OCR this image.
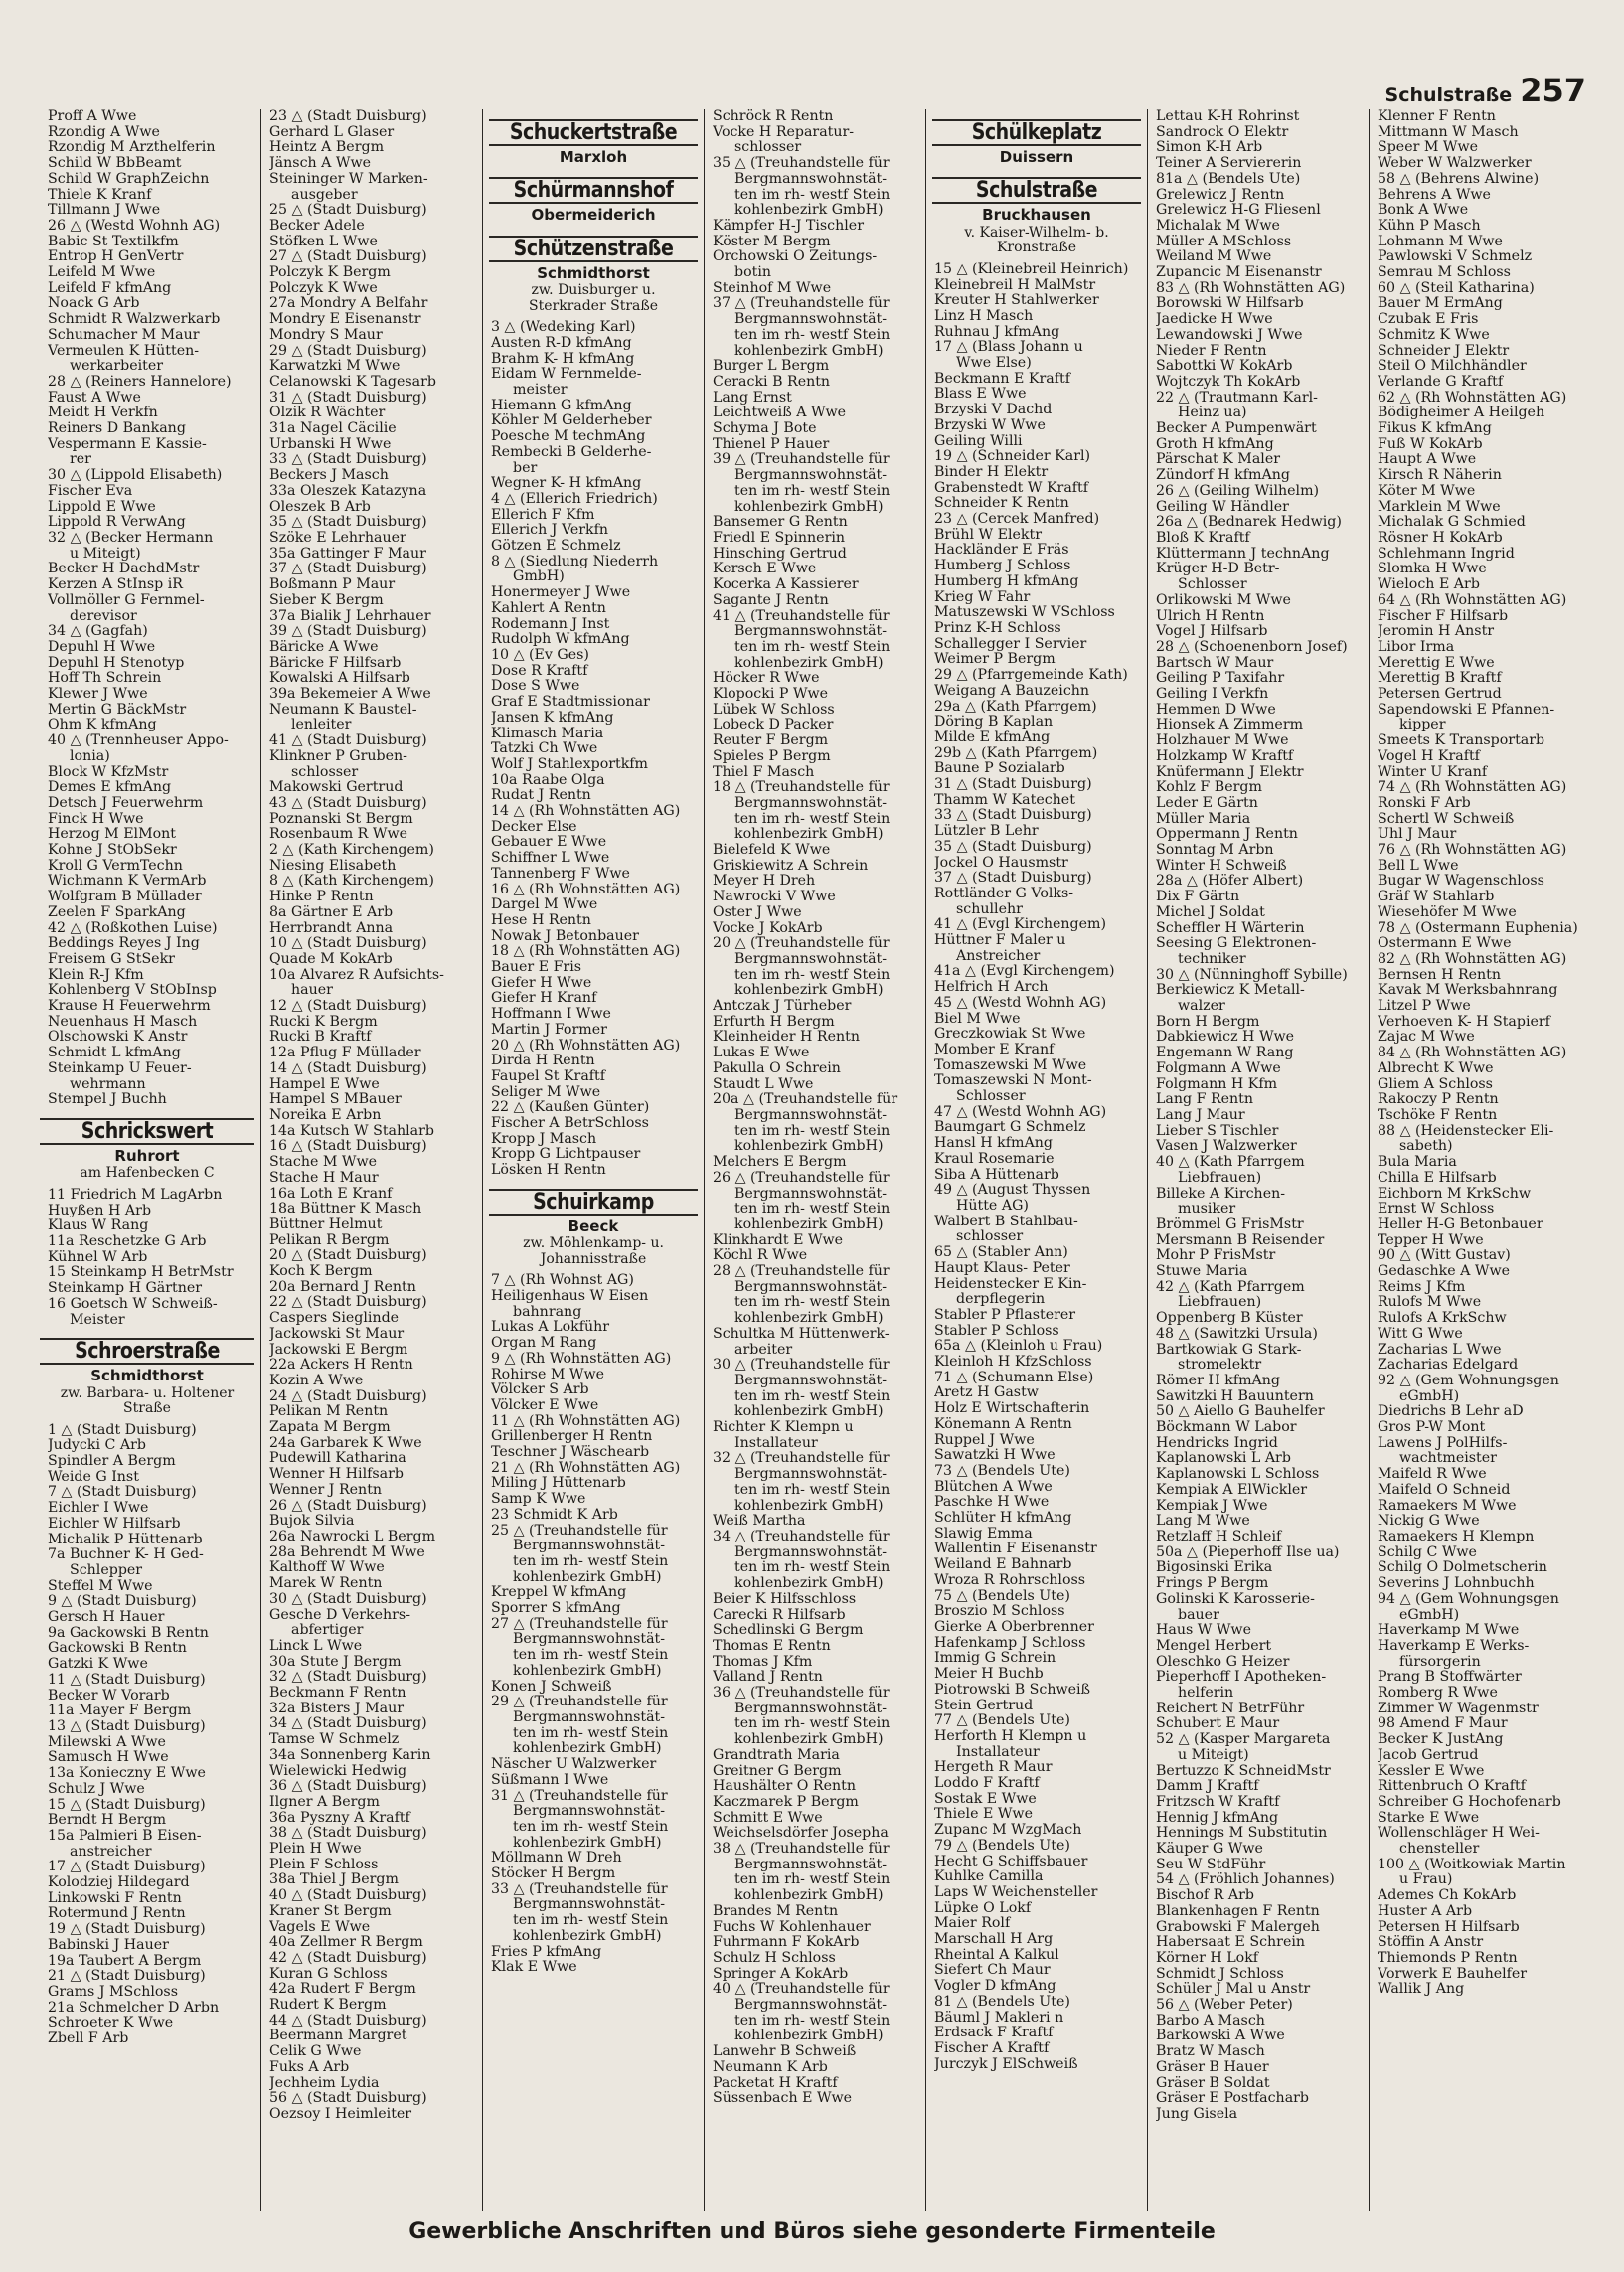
Schulstraße 257
Proff A Wwe
Rzondig A Wwe
Rzondig M Arzthelferin
Schild W BbBeamt
Schild W GraphZeichn
Thiele K Kranf
Tillmann J Wwe
26 △ (Westd Wohnh AG)
Babic St Textilkfm
Entrop H GenVertr
Leifeld M Wwe
Leifeld F kfmAng
Noack G Arb
Schmidt R Walzwerkarb
Schumacher M Maur
Vermeulen K Hütten-
werkarbeiter
28 △ (Reiners Hannelore)
Faust A Wwe
Meidt H Verkfn
Reiners D Bankang
Vespermann E Kassie-
rer
30 △ (Lippold Elisabeth)
Fischer Eva
Lippold E Wwe
Lippold R VerwAng
32 △ (Becker Hermann
u Miteigt)
Becker H DachdMstr
Kerzen A StInsp iR
Vollmöller G Fernmel-
derevisor
34 △ (Gagfah)
Depuhl H Wwe
Depuhl H Stenotyp
Hoff Th Schrein
Klewer J Wwe
Mertin G BäckMstr
Ohm K kfmAng
40 △ (Trennheuser Appo-
lonia)
Block W KfzMstr
Demes E kfmAng
Detsch J Feuerwehrm
Finck H Wwe
Herzog M ElMont
Kohne J StObSekr
Kroll G VermTechn
Wichmann K VermArb
Wolfgram B Müllader
Zeelen F SparkAng
42 △ (Roßkothen Luise)
Beddings Reyes J Ing
Freisem G StSekr
Klein R-J Kfm
Kohlenberg V StObInsp
Krause H Feuerwehrm
Neuenhaus H Masch
Olschowski K Anstr
Schmidt L kfmAng
Steinkamp U Feuer-
wehrmann
Stempel J Buchh
Schrickswert
Ruhrort
am Hafenbecken C
11 Friedrich M LagArbn
Huyßen H Arb
Klaus W Rang
11a Reschetzke G Arb
Kühnel W Arb
15 Steinkamp H BetrMstr
Steinkamp H Gärtner
16 Goetsch W Schweiß-
Meister
Schroerstraße
Schmidthorst
zw. Barbara- u. Holtener
Straße
1 △ (Stadt Duisburg)
Judycki C Arb
Spindler A Bergm
Weide G Inst
7 △ (Stadt Duisburg)
Eichler I Wwe
Eichler W Hilfsarb
Michalik P Hüttenarb
7a Buchner K- H Ged-
Schlepper
Steffel M Wwe
9 △ (Stadt Duisburg)
Gersch H Hauer
9a Gackowski B Rentn
Gackowski B Rentn
Gatzki K Wwe
11 △ (Stadt Duisburg)
Becker W Vorarb
11a Mayer F Bergm
13 △ (Stadt Duisburg)
Milewski A Wwe
Samusch H Wwe
13a Konieczny E Wwe
Schulz J Wwe
15 △ (Stadt Duisburg)
Berndt H Bergm
15a Palmieri B Eisen-
anstreicher
17 △ (Stadt Duisburg)
Kolodziej Hildegard
Linkowski F Rentn
Rotermund J Rentn
19 △ (Stadt Duisburg)
Babinski J Hauer
19a Taubert A Bergm
21 △ (Stadt Duisburg)
Grams J MSchloss
21a Schmelcher D Arbn
Schroeter K Wwe
Zbell F Arb
23 △ (Stadt Duisburg)
Gerhard L Glaser
Heintz A Bergm
Jänsch A Wwe
Steininger W Marken-
ausgeber
25 △ (Stadt Duisburg)
Becker Adele
Stöfken L Wwe
27 △ (Stadt Duisburg)
Polczyk K Bergm
Polczyk K Wwe
27a Mondry A Belfahr
Mondry E Eisenanstr
Mondry S Maur
29 △ (Stadt Duisburg)
Karwatzki M Wwe
Celanowski K Tagesarb
31 △ (Stadt Duisburg)
Olzik R Wächter
31a Nagel Cäcilie
Urbanski H Wwe
33 △ (Stadt Duisburg)
Beckers J Masch
33a Oleszek Katazyna
Oleszek B Arb
35 △ (Stadt Duisburg)
Szöke E Lehrhauer
35a Gattinger F Maur
37 △ (Stadt Duisburg)
Boßmann P Maur
Sieber K Bergm
37a Bialik J Lehrhauer
39 △ (Stadt Duisburg)
Bäricke A Wwe
Bäricke F Hilfsarb
Kowalski A Hilfsarb
39a Bekemeier A Wwe
Neumann K Baustel-
lenleiter
41 △ (Stadt Duisburg)
Klinkner P Gruben-
schlosser
Makowski Gertrud
43 △ (Stadt Duisburg)
Poznanski St Bergm
Rosenbaum R Wwe
2 △ (Kath Kirchengem)
Niesing Elisabeth
8 △ (Kath Kirchengem)
Hinke P Rentn
8a Gärtner E Arb
Herrbrandt Anna
10 △ (Stadt Duisburg)
Quade M KokArb
10a Alvarez R Aufsichts-
hauer
12 △ (Stadt Duisburg)
Rucki K Bergm
Rucki B Kraftf
12a Pflug F Müllader
14 △ (Stadt Duisburg)
Hampel E Wwe
Hampel S MBauer
Noreika E Arbn
14a Kutsch W Stahlarb
16 △ (Stadt Duisburg)
Stache M Wwe
Stache H Maur
16a Loth E Kranf
18a Büttner K Masch
Büttner Helmut
Pelikan R Bergm
20 △ (Stadt Duisburg)
Koch K Bergm
20a Bernard J Rentn
22 △ (Stadt Duisburg)
Caspers Sieglinde
Jackowski St Maur
Jackowski E Bergm
22a Ackers H Rentn
Kozin A Wwe
24 △ (Stadt Duisburg)
Pelikan M Rentn
Zapata M Bergm
24a Garbarek K Wwe
Pudewill Katharina
Wenner H Hilfsarb
Wenner J Rentn
26 △ (Stadt Duisburg)
Bujok Silvia
26a Nawrocki L Bergm
28a Behrendt M Wwe
Kalthoff W Wwe
Marek W Rentn
30 △ (Stadt Duisburg)
Gesche D Verkehrs-
abfertiger
Linck L Wwe
30a Stute J Bergm
32 △ (Stadt Duisburg)
Beckmann F Rentn
32a Bisters J Maur
34 △ (Stadt Duisburg)
Tamse W Schmelz
34a Sonnenberg Karin
Wielewicki Hedwig
36 △ (Stadt Duisburg)
Ilgner A Bergm
36a Pyszny A Kraftf
38 △ (Stadt Duisburg)
Plein H Wwe
Plein F Schloss
38a Thiel J Bergm
40 △ (Stadt Duisburg)
Kraner St Bergm
Vagels E Wwe
40a Zellmer R Bergm
42 △ (Stadt Duisburg)
Kuran G Schloss
42a Rudert F Bergm
Rudert K Bergm
44 △ (Stadt Duisburg)
Beermann Margret
Celik G Wwe
Fuks A Arb
Jechheim Lydia
56 △ (Stadt Duisburg)
Oezsoy I Heimleiter
Schuckertstraße
Marxloh
Schürmannshof
Obermeiderich
Schützenstraße
Schmidthorst
zw. Duisburger u.
Sterkrader Straße
3 △ (Wedeking Karl)
Austen R-D kfmAng
Brahm K- H kfmAng
Eidam W Fernmelde-
meister
Hiemann G kfmAng
Köhler M Gelderheber
Poesche M techmAng
Rembecki B Gelderhe-
ber
Wegner K- H kfmAng
4 △ (Ellerich Friedrich)
Ellerich F Kfm
Ellerich J Verkfn
Götzen E Schmelz
8 △ (Siedlung Niederrh
GmbH)
Honermeyer J Wwe
Kahlert A Rentn
Rodemann J Inst
Rudolph W kfmAng
10 △ (Ev Ges)
Dose R Kraftf
Dose S Wwe
Graf E Stadtmissionar
Jansen K kfmAng
Klimasch Maria
Tatzki Ch Wwe
Wolf J Stahlexportkfm
10a Raabe Olga
Rudat J Rentn
14 △ (Rh Wohnstätten AG)
Decker Else
Gebauer E Wwe
Schiffner L Wwe
Tannenberg F Wwe
16 △ (Rh Wohnstätten AG)
Dargel M Wwe
Hese H Rentn
Nowak J Betonbauer
18 △ (Rh Wohnstätten AG)
Bauer E Fris
Giefer H Wwe
Giefer H Kranf
Hoffmann I Wwe
Martin J Former
20 △ (Rh Wohnstätten AG)
Dirda H Rentn
Faupel St Kraftf
Seliger M Wwe
22 △ (Kaußen Günter)
Fischer A BetrSchloss
Kropp J Masch
Kropp G Lichtpauser
Lösken H Rentn
Schuirkamp
Beeck
zw. Möhlenkamp- u.
Johannisstraße
7 △ (Rh Wohnst AG)
Heiligenhaus W Eisen
bahnrang
Lukas A Lokführ
Organ M Rang
9 △ (Rh Wohnstätten AG)
Rohirse M Wwe
Völcker S Arb
Völcker E Wwe
11 △ (Rh Wohnstätten AG)
Grillenberger H Rentn
Teschner J Wäschearb
21 △ (Rh Wohnstätten AG)
Miling J Hüttenarb
Samp K Wwe
23 Schmidt K Arb
25 △ (Treuhandstelle für
Bergmannswohnstät-
ten im rh- westf Stein
kohlenbezirk GmbH)
Kreppel W kfmAng
Sporrer S kfmAng
27 △ (Treuhandstelle für
Bergmannswohnstät-
ten im rh- westf Stein
kohlenbezirk GmbH)
Konen J Schweiß
29 △ (Treuhandstelle für
Bergmannswohnstät-
ten im rh- westf Stein
kohlenbezirk GmbH)
Näscher U Walzwerker
Süßmann I Wwe
31 △ (Treuhandstelle für
Bergmannswohnstät-
ten im rh- westf Stein
kohlenbezirk GmbH)
Möllmann W Dreh
Stöcker H Bergm
33 △ (Treuhandstelle für
Bergmannswohnstät-
ten im rh- westf Stein
kohlenbezirk GmbH)
Fries P kfmAng
Klak E Wwe
Schröck R Rentn
Vocke H Reparatur-
schlosser
35 △ (Treuhandstelle für
Bergmannswohnstät-
ten im rh- westf Stein
kohlenbezirk GmbH)
Kämpfer H-J Tischler
Köster M Bergm
Orchowski O Zeitungs-
botin
Steinhof M Wwe
37 △ (Treuhandstelle für
Bergmannswohnstät-
ten im rh- westf Stein
kohlenbezirk GmbH)
Burger L Bergm
Ceracki B Rentn
Lang Ernst
Leichtweiß A Wwe
Schyma J Bote
Thienel P Hauer
39 △ (Treuhandstelle für
Bergmannswohnstät-
ten im rh- westf Stein
kohlenbezirk GmbH)
Bansemer G Rentn
Friedl E Spinnerin
Hinsching Gertrud
Kersch E Wwe
Kocerka A Kassierer
Sagante J Rentn
41 △ (Treuhandstelle für
Bergmannswohnstät-
ten im rh- westf Stein
kohlenbezirk GmbH)
Höcker R Wwe
Klopocki P Wwe
Lübek W Schloss
Lobeck D Packer
Reuter F Bergm
Spieles P Bergm
Thiel F Masch
18 △ (Treuhandstelle für
Bergmannswohnstät-
ten im rh- westf Stein
kohlenbezirk GmbH)
Bielefeld K Wwe
Griskiewitz A Schrein
Meyer H Dreh
Nawrocki V Wwe
Oster J Wwe
Vocke J KokArb
20 △ (Treuhandstelle für
Bergmannswohnstät-
ten im rh- westf Stein
kohlenbezirk GmbH)
Antczak J Türheber
Erfurth H Bergm
Kleinheider H Rentn
Lukas E Wwe
Pakulla O Schrein
Staudt L Wwe
20a △ (Treuhandstelle für
Bergmannswohnstät-
ten im rh- westf Stein
kohlenbezirk GmbH)
Melchers E Bergm
26 △ (Treuhandstelle für
Bergmannswohnstät-
ten im rh- westf Stein
kohlenbezirk GmbH)
Klinkhardt E Wwe
Köchl R Wwe
28 △ (Treuhandstelle für
Bergmannswohnstät-
ten im rh- westf Stein
kohlenbezirk GmbH)
Schultka M Hüttenwerk-
arbeiter
30 △ (Treuhandstelle für
Bergmannswohnstät-
ten im rh- westf Stein
kohlenbezirk GmbH)
Richter K Klempn u
Installateur
32 △ (Treuhandstelle für
Bergmannswohnstät-
ten im rh- westf Stein
kohlenbezirk GmbH)
Weiß Martha
34 △ (Treuhandstelle für
Bergmannswohnstät-
ten im rh- westf Stein
kohlenbezirk GmbH)
Beier K Hilfsschloss
Carecki R Hilfsarb
Schedlinski G Bergm
Thomas E Rentn
Thomas J Kfm
Valland J Rentn
36 △ (Treuhandstelle für
Bergmannswohnstät-
ten im rh- westf Stein
kohlenbezirk GmbH)
Grandtrath Maria
Greitner G Bergm
Haushälter O Rentn
Kaczmarek P Bergm
Schmitt E Wwe
Weichselsdörfer Josepha
38 △ (Treuhandstelle für
Bergmannswohnstät-
ten im rh- westf Stein
kohlenbezirk GmbH)
Brandes M Rentn
Fuchs W Kohlenhauer
Fuhrmann F KokArb
Schulz H Schloss
Springer A KokArb
40 △ (Treuhandstelle für
Bergmannswohnstät-
ten im rh- westf Stein
kohlenbezirk GmbH)
Lanwehr B Schweiß
Neumann K Arb
Packetat H Kraftf
Süssenbach E Wwe
Schülkeplatz
Duissern
Schulstraße
Bruckhausen
v. Kaiser-Wilhelm- b.
Kronstraße
15 △ (Kleinebreil Heinrich)
Kleinebreil H MalMstr
Kreuter H Stahlwerker
Linz H Masch
Ruhnau J kfmAng
17 △ (Blass Johann u
Wwe Else)
Beckmann E Kraftf
Blass E Wwe
Brzyski V Dachd
Brzyski W Wwe
Geiling Willi
19 △ (Schneider Karl)
Binder H Elektr
Grabenstedt W Kraftf
Schneider K Rentn
23 △ (Cercek Manfred)
Brühl W Elektr
Hackländer E Fräs
Humberg J Schloss
Humberg H kfmAng
Krieg W Fahr
Matuszewski W VSchloss
Prinz K-H Schloss
Schallegger I Servier
Weimer P Bergm
29 △ (Pfarrgemeinde Kath)
Weigang A Bauzeichn
29a △ (Kath Pfarrgem)
Döring B Kaplan
Milde E kfmAng
29b △ (Kath Pfarrgem)
Baune P Sozialarb
31 △ (Stadt Duisburg)
Thamm W Katechet
33 △ (Stadt Duisburg)
Lützler B Lehr
35 △ (Stadt Duisburg)
Jockel O Hausmstr
37 △ (Stadt Duisburg)
Rottländer G Volks-
schullehr
41 △ (Evgl Kirchengem)
Hüttner F Maler u
Anstreicher
41a △ (Evgl Kirchengem)
Helfrich H Arch
45 △ (Westd Wohnh AG)
Biel M Wwe
Greczkowiak St Wwe
Momber E Kranf
Tomaszewski M Wwe
Tomaszewski N Mont-
Schlosser
47 △ (Westd Wohnh AG)
Baumgart G Schmelz
Hansl H kfmAng
Kraul Rosemarie
Siba A Hüttenarb
49 △ (August Thyssen
Hütte AG)
Walbert B Stahlbau-
schlosser
65 △ (Stabler Ann)
Haupt Klaus- Peter
Heidenstecker E Kin-
derpflegerin
Stabler P Pflasterer
Stabler P Schloss
65a △ (Kleinloh u Frau)
Kleinloh H KfzSchloss
71 △ (Schumann Else)
Aretz H Gastw
Holz E Wirtschafterin
Könemann A Rentn
Ruppel J Wwe
Sawatzki H Wwe
73 △ (Bendels Ute)
Blütchen A Wwe
Paschke H Wwe
Schlüter H kfmAng
Slawig Emma
Wallentin F Eisenanstr
Weiland E Bahnarb
Wroza R Rohrschloss
75 △ (Bendels Ute)
Broszio M Schloss
Gierke A Oberbrenner
Hafenkamp J Schloss
Immig G Schrein
Meier H Buchb
Piotrowski B Schweiß
Stein Gertrud
77 △ (Bendels Ute)
Herforth H Klempn u
Installateur
Hergeth R Maur
Loddo F Kraftf
Sostak E Wwe
Thiele E Wwe
Zupanc M WzgMach
79 △ (Bendels Ute)
Hecht G Schiffsbauer
Kuhlke Camilla
Laps W Weichensteller
Lüpke O Lokf
Maier Rolf
Marschall H Arg
Rheintal A Kalkul
Siefert Ch Maur
Vogler D kfmAng
81 △ (Bendels Ute)
Bäuml J Makleri n
Erdsack F Kraftf
Fischer A Kraftf
Jurczyk J ElSchweiß
Lettau K-H Rohrinst
Sandrock O Elektr
Simon K-H Arb
Teiner A Serviererin
81a △ (Bendels Ute)
Grelewicz J Rentn
Grelewicz H-G Fliesenl
Michalak M Wwe
Müller A MSchloss
Weiland M Wwe
Zupancic M Eisenanstr
83 △ (Rh Wohnstätten AG)
Borowski W Hilfsarb
Jaedicke H Wwe
Lewandowski J Wwe
Nieder F Rentn
Sabottki W KokArb
Wojtczyk Th KokArb
22 △ (Trautmann Karl-
Heinz ua)
Becker A Pumpenwärt
Groth H kfmAng
Pärschat K Maler
Zündorf H kfmAng
26 △ (Geiling Wilhelm)
Geiling W Händler
26a △ (Bednarek Hedwig)
Bloß K Kraftf
Klüttermann J technAng
Krüger H-D Betr-
Schlosser
Orlikowski M Wwe
Ulrich H Rentn
Vogel J Hilfsarb
28 △ (Schoenenborn Josef)
Bartsch W Maur
Geiling P Taxifahr
Geiling I Verkfn
Hemmen D Wwe
Hionsek A Zimmerm
Holzhauer M Wwe
Holzkamp W Kraftf
Knüfermann J Elektr
Kohlz F Bergm
Leder E Gärtn
Müller Maria
Oppermann J Rentn
Sonntag M Arbn
Winter H Schweiß
28a △ (Höfer Albert)
Dix F Gärtn
Michel J Soldat
Scheffler H Wärterin
Seesing G Elektronen-
techniker
30 △ (Nünninghoff Sybille)
Berkiewicz K Metall-
walzer
Born H Bergm
Dabkiewicz H Wwe
Engemann W Rang
Folgmann A Wwe
Folgmann H Kfm
Lang F Rentn
Lang J Maur
Lieber S Tischler
Vasen J Walzwerker
40 △ (Kath Pfarrgem
Liebfrauen)
Billeke A Kirchen-
musiker
Brömmel G FrisMstr
Mersmann B Reisender
Mohr P FrisMstr
Stuwe Maria
42 △ (Kath Pfarrgem
Liebfrauen)
Oppenberg B Küster
48 △ (Sawitzki Ursula)
Bartkowiak G Stark-
stromelektr
Römer H kfmAng
Sawitzki H Bauuntern
50 △ Aiello G Bauhelfer
Böckmann W Labor
Hendricks Ingrid
Kaplanowski L Arb
Kaplanowski L Schloss
Kempiak A ElWickler
Kempiak J Wwe
Lang M Wwe
Retzlaff H Schleif
50a △ (Pieperhoff Ilse ua)
Bigosinski Erika
Frings P Bergm
Golinski K Karosserie-
bauer
Haus W Wwe
Mengel Herbert
Oleschko G Heizer
Pieperhoff I Apotheken-
helferin
Reichert N BetrFühr
Schubert E Maur
52 △ (Kasper Margareta
u Miteigt)
Bertuzzo K SchneidMstr
Damm J Kraftf
Fritzsch W Kraftf
Hennig J kfmAng
Hennings M Substitutin
Käuper G Wwe
Seu W StdFühr
54 △ (Fröhlich Johannes)
Bischof R Arb
Blankenhagen F Rentn
Grabowski F Malergeh
Habersaat E Schrein
Körner H Lokf
Schmidt J Schloss
Schüler J Mal u Anstr
56 △ (Weber Peter)
Barbo A Masch
Barkowski A Wwe
Bratz W Masch
Gräser B Hauer
Gräser B Soldat
Gräser E Postfacharb
Jung Gisela
Klenner F Rentn
Mittmann W Masch
Speer M Wwe
Weber W Walzwerker
58 △ (Behrens Alwine)
Behrens A Wwe
Bonk A Wwe
Kühn P Masch
Lohmann M Wwe
Pawlowski V Schmelz
Semrau M Schloss
60 △ (Steil Katharina)
Bauer M ErmAng
Czubak E Fris
Schmitz K Wwe
Schneider J Elektr
Steil O Milchhändler
Verlande G Kraftf
62 △ (Rh Wohnstätten AG)
Bödigheimer A Heilgeh
Fikus K kfmAng
Fuß W KokArb
Haupt A Wwe
Kirsch R Näherin
Köter M Wwe
Marklein M Wwe
Michalak G Schmied
Rösner H KokArb
Schlehmann Ingrid
Slomka H Wwe
Wieloch E Arb
64 △ (Rh Wohnstätten AG)
Fischer F Hilfsarb
Jeromin H Anstr
Libor Irma
Merettig E Wwe
Merettig B Kraftf
Petersen Gertrud
Sapendowski E Pfannen-
kipper
Smeets K Transportarb
Vogel H Kraftf
Winter U Kranf
74 △ (Rh Wohnstätten AG)
Ronski F Arb
Schertl W Schweiß
Uhl J Maur
76 △ (Rh Wohnstätten AG)
Bell L Wwe
Bugar W Wagenschloss
Gräf W Stahlarb
Wiesehöfer M Wwe
78 △ (Ostermann Euphenia)
Ostermann E Wwe
82 △ (Rh Wohnstätten AG)
Bernsen H Rentn
Kavak M Werksbahnrang
Litzel P Wwe
Verhoeven K- H Stapierf
Zajac M Wwe
84 △ (Rh Wohnstätten AG)
Albrecht K Wwe
Gliem A Schloss
Rakoczy P Rentn
Tschöke F Rentn
88 △ (Heidenstecker Eli-
sabeth)
Bula Maria
Chilla E Hilfsarb
Eichborn M KrkSchw
Ernst W Schloss
Heller H-G Betonbauer
Tepper H Wwe
90 △ (Witt Gustav)
Gedaschke A Wwe
Reims J Kfm
Rulofs M Wwe
Rulofs A KrkSchw
Witt G Wwe
Zacharias L Wwe
Zacharias Edelgard
92 △ (Gem Wohnungsgen
eGmbH)
Diedrichs B Lehr aD
Gros P-W Mont
Lawens J PolHilfs-
wachtmeister
Maifeld R Wwe
Maifeld O Schneid
Ramaekers M Wwe
Nickig G Wwe
Ramaekers H Klempn
Schilg C Wwe
Schilg O Dolmetscherin
Severins J Lohnbuchh
94 △ (Gem Wohnungsgen
eGmbH)
Haverkamp M Wwe
Haverkamp E Werks-
fürsorgerin
Prang B Stoffwärter
Romberg R Wwe
Zimmer W Wagenmstr
98 Amend F Maur
Becker K JustAng
Jacob Gertrud
Kessler E Wwe
Rittenbruch O Kraftf
Schreiber G Hochofenarb
Starke E Wwe
Wollenschläger H Wei-
chensteller
100 △ (Woitkowiak Martin
u Frau)
Ademes Ch KokArb
Huster A Arb
Petersen H Hilfsarb
Stöffin A Anstr
Thiemonds P Rentn
Vorwerk E Bauhelfer
Wallik J Ang
Gewerbliche Anschriften und Büros siehe gesonderte Firmenteile
